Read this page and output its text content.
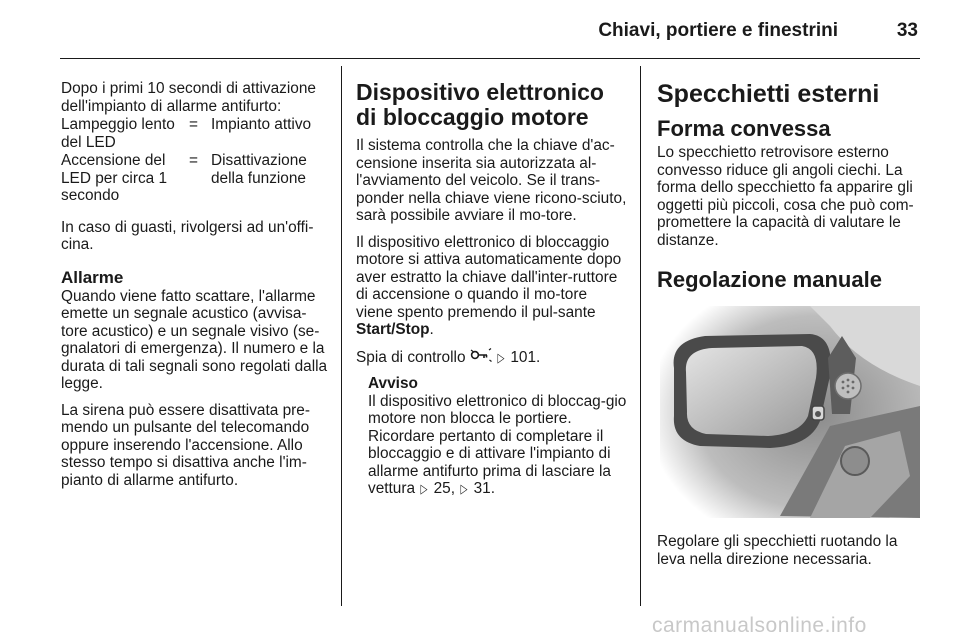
Chiavi, portiere e finestrini	33

Dopo i primi 10 secondi di attivazione dell'impianto di allarme antifurto:

Lampeggio lento del LED
= Impianto attivo
Accensione del LED per circa 1 secondo
= Disattivazione della funzione

In caso di guasti, rivolgersi ad un'offi-cina.

Allarme

Quando viene fatto scattare, l'allarme emette un segnale acustico (avvisa-tore acustico) e un segnale visivo (se-gnalatori di emergenza). Il numero e la durata di tali segnali sono regolati dalla legge.

La sirena può essere disattivata pre-mendo un pulsante del telecomando oppure inserendo l'accensione. Allo stesso tempo si disattiva anche l'im-pianto di allarme antifurto.

Dispositivo elettronico di bloccaggio motore

Il sistema controlla che la chiave d'ac-censione inserita sia autorizzata al-l'avviamento del veicolo. Se il trans-ponder nella chiave viene ricono-sciuto, sarà possibile avviare il mo-tore.

Il dispositivo elettronico di bloccaggio motore si attiva automaticamente dopo aver estratto la chiave dall'inter-ruttore di accensione o quando il mo-tore viene spento premendo il pul-sante Start/Stop.

Spia di controllo ▷ 101.

Avviso

Il dispositivo elettronico di bloccag-gio motore non blocca le portiere. Ricordare pertanto di completare il bloccaggio e di attivare l'impianto di allarme antifurto prima di lasciare la vettura ▷ 25, ▷ 31.

Specchietti esterni
Forma convessa

Lo specchietto retrovisore esterno convesso riduce gli angoli ciechi. La forma dello specchietto fa apparire gli oggetti più piccoli, cosa che può com-promettere la capacità di valutare le distanze.

Regolazione manuale

Regolare gli specchietti ruotando la leva nella direzione necessaria.

carmanualsonline.info
